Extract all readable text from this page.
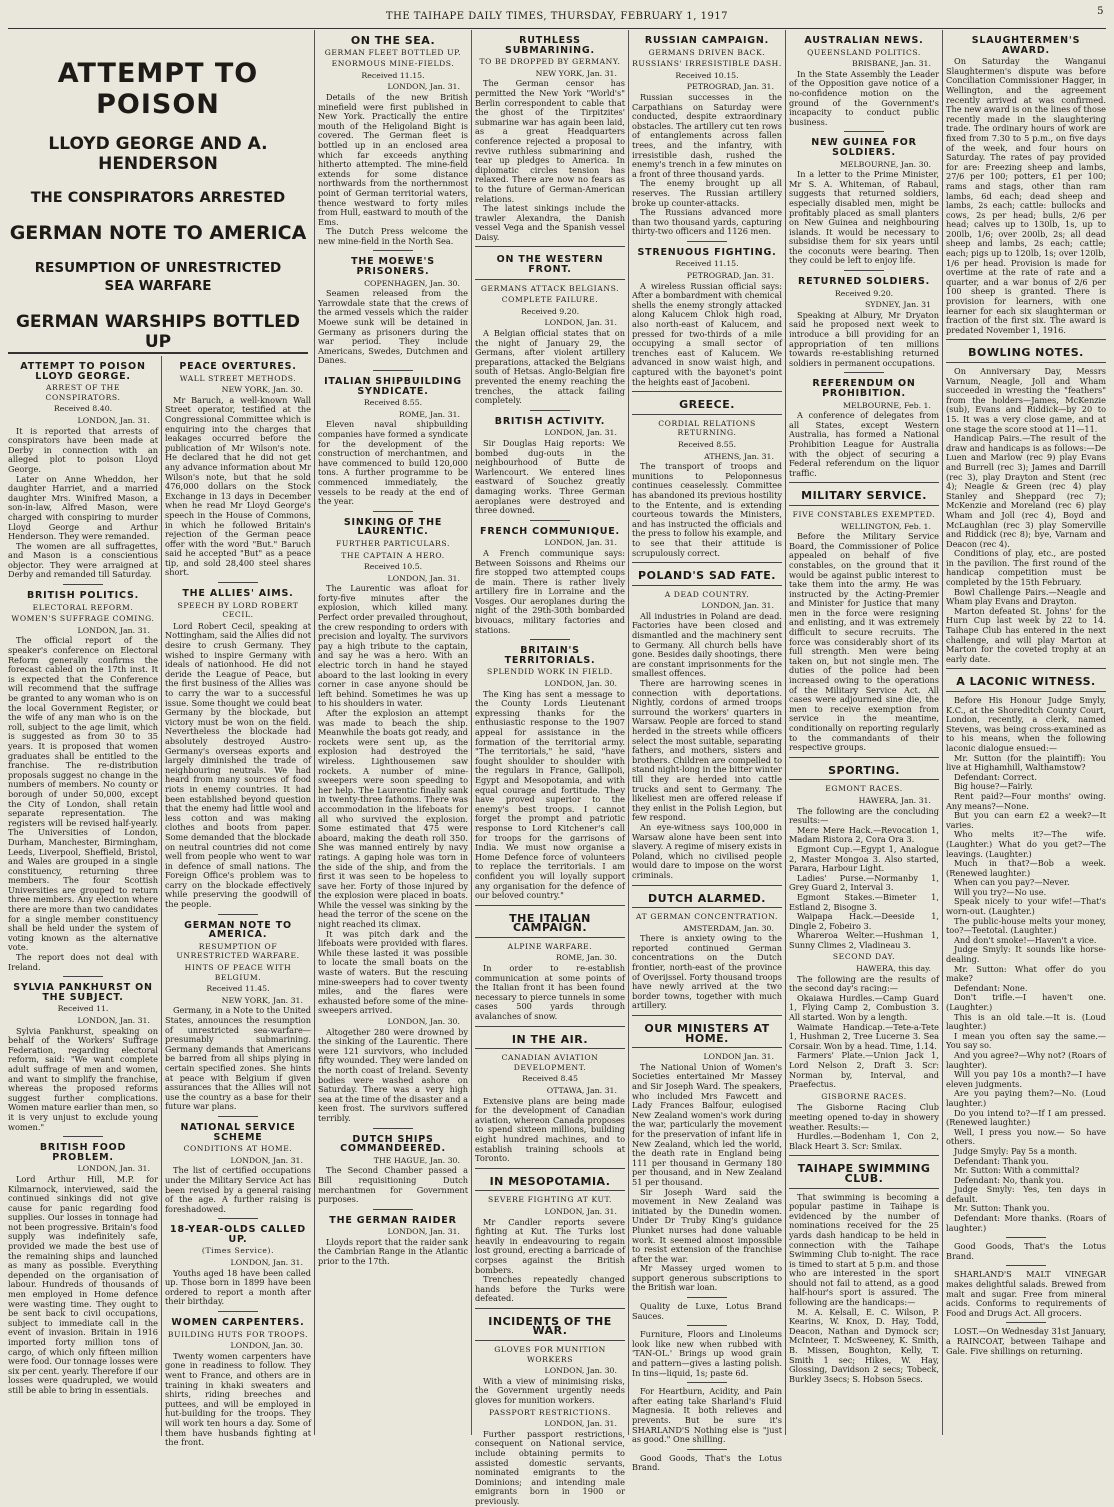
THE TAIHAPE DAILY TIMES, THURSDAY, FEBRUARY 1, 1917	5
ATTEMPT TO POISON
LLOYD GEORGE AND A. HENDERSON
THE CONSPIRATORS ARRESTED
GERMAN NOTE TO AMERICA
RESUMPTION OF UNRESTRICTED
SEA WARFARE
GERMAN WARSHIPS BOTTLED UP
ATTEMPT TO POISON LLOYD GEORGE.
ARREST OF THE CONSPIRATORS.
Received 8.40.
LONDON, Jan. 31.

It is reported that arrests of conspirators have been made at Derby in connection with an alleged plot to poison Lloyd George.

Later on Anne Wheddon, her daughter Harriet, and a married daughter Mrs. Winifred Mason, a son-in-law, Alfred Mason, were charged with conspiring to murder Lloyd George and Arthur Henderson. They were remanded.

The women are all suffragettes, and Mason is a conscientious objector. They were arraigned at Derby and remanded till Saturday.

BRITISH POLITICS.
ELECTORAL REFORM.
WOMEN'S SUFFRAGE COMING.
LONDON, Jan. 31.

The official report of the speaker's conference on Electoral Reform generally confirms the forecast cabled on the 17th inst. It is expected that the Conference will recommend that the suffrage be granted to any woman who is on the local Government Register, or the wife of any man who is on the roll, subject to the age limit, which is suggested as from 30 to 35 years. It is proposed that women graduates shall be entitled to the franchise. The re-distribution proposals suggest no change in the numbers of members. No county or borough of under 50,000, except the City of London, shall retain separate representation. The registers will be revised half-yearly. The Universities of London, Durham, Manchester, Birmingham, Leeds, Liverpool, Sheffield, Bristol, and Wales are grouped in a single constituency, returning three members. The four Scottish Universities are grouped to return three members. Any election where there are more than two candidates for a single member constituency shall be held under the system of voting known as the alternative vote.

The report does not deal with Ireland.

SYLVIA PANKHURST ON THE SUBJECT.
Received 11.
LONDON, Jan. 31.

Sylvia Pankhurst, speaking on behalf of the Workers' Suffrage Federation, regarding electoral reform, said: "We want complete adult suffrage of men and women, and want to simplify the franchise, whereas the proposed reforms suggest further complications. Women mature earlier than men, so it is very unjust to exclude young women."

BRITISH FOOD PROBLEM.
LONDON, Jan. 31.

Lord Arthur Hill, M.P. for Kilmarnock, interviewed, said the continued sinkings did not give cause for panic regarding food supplies. Our losses in tonnage had not been progressive. Britain's food supply was indefinitely safe, provided we made the best use of the remaining ships and launched as many as possible. Everything depended on the organisation of labour. Hundreds of thousands of men employed in Home defence were wasting time. They ought to be sent back to civil occupations, subject to immediate call in the event of invasion. Britain in 1916 imported forty million tons of cargo, of which only fifteen million were food. Our tonnage losses were six per cent. yearly. Therefore if our losses were quadrupled, we would still be able to bring in essentials.

PEACE OVERTURES.
WALL STREET METHODS.
NEW YORK, Jan. 30.

Mr Baruch, a well-known Wall Street operator, testified at the Congressional Committee which is enquiring into the charges that leakages occurred before the publication of Mr Wilson's note. He declared that he did not get any advance information about Mr Wilson's note, but that he sold 476,000 dollars on the Stock Exchange in 13 days in December when he read Mr Lloyd George's speech in the House of Commons, in which he followed Britain's rejection of the German peace offer with the word "But." Baruch said he accepted "But" as a peace tip, and sold 28,400 steel shares short.

THE ALLIES' AIMS.
SPEECH BY LORD ROBERT CECIL.

Lord Robert Cecil, speaking at Nottingham, said the Allies did not desire to crush Germany. They wished to inspire Germany with ideals of nationhood. He did not deride the League of Peace, but the first business of the Allies was to carry the war to a successful issue. Some thought we could beat Germany by the blockade, but victory must be won on the field. Nevertheless the blockade had absolutely destroyed Austro-Germany's overseas exports and largely diminished the trade of neighbouring neutrals. We had heard from many sources of food riots in enemy countries. It had been established beyond question that the enemy had little wool and less cotton and was making clothes and boots from paper. Some demanded that the blockade on neutral countries did not come well from people who went to war in defence of small nations. The Foreign Office's problem was to carry on the blockade effectively while preserving the goodwill of the people.

GERMAN NOTE TO AMERICA.
RESUMPTION OF UNRESTRICTED WARFARE.
HINTS OF PEACE WITH BELGIUM.
Received 11.45.
NEW YORK, Jan. 31.

Germany, in a Note to the United States, announces the resumption of unrestricted sea-warfare—presumably submarining. Germany demands that Americans be barred from all ships plying in certain specified zones. She hints at peace with Belgium if given assurances that the Allies will not use the country as a base for their future war plans.

NATIONAL SERVICE SCHEME
CONDITIONS AT HOME.
LONDON, Jan. 31.

The list of certified occupations under the Military Service Act has been revised by a general raising of the age. A further raising is foreshadowed.

18-YEAR-OLDS CALLED UP.
(Times Service).
LONDON, Jan. 31.

Youths aged 18 have been called up. Those born in 1899 have been ordered to report a month after their birthday.

WOMEN CARPENTERS.
BUILDING HUTS FOR TROOPS.
LONDON, Jan. 30.

Twenty women carpenters have gone in readiness to follow. They went to France, and others are in training in khaki sweaters and shirts, riding breeches and puttees, and will be employed in hut-building for the troops. They will work ten hours a day. Some of them have husbands fighting at the front.

ON THE SEA.
GERMAN FLEET BOTTLED UP.
ENORMOUS MINE-FIELDS.
Received 11.15.
LONDON, Jan. 31.

Details of the new British minefield were first published in New York. Practically the entire mouth of the Heligoland Bight is covered. The German fleet is bottled up in an enclosed area which far exceeds anything hitherto attempted. The mine-field extends for some distance northwards from the northernmost point of German territorial waters, thence westward to forty miles from Hull, eastward to mouth of the Ems.

The Dutch Press welcome the new mine-field in the North Sea.

THE MOEWE'S PRISONERS.
COPENHAGEN, Jan. 30.

Seamen released from the Yarrowdale state that the crews of the armed vessels which the raider Moewe sunk will be detained in Germany as prisoners during the war period. They include Americans, Swedes, Dutchmen and Danes.

ITALIAN SHIPBUILDING SYNDICATE.
Received 8.55.
ROME, Jan. 31.

Eleven naval shipbuilding companies have formed a syndicate for the development of the construction of merchantmen, and have commenced to build 120,000 tons. A further programme to be commenced immediately, the vessels to be ready at the end of the year.

SINKING OF THE LAURENTIC.
FURTHER PARTICULARS.
THE CAPTAIN A HERO.
Received 10.5.
LONDON, Jan. 31.

The Laurentic was afloat for forty-five minutes after the explosion, which killed many. Perfect order prevailed throughout, the crew responding to orders with precision and loyalty. The survivors pay a high tribute to the captain, and say he was a hero. With an electric torch in hand he stayed aboard to the last looking in every corner in case anyone should be left behind. Sometimes he was up to his shoulders in water.

After the explosion an attempt was made to beach the ship. Meanwhile the boats got ready, and rockets were sent up, as the explosion had destroyed the wireless. Lighthousemen saw rockets. A number of mine-sweepers were soon speeding to her help. The Laurentic finally sank in twenty-three fathoms. There was accommodation in the lifeboats for all who survived the explosion. Some estimated that 475 were aboard, making the death roll 350. She was manned entirely by navy ratings. A gaping hole was torn in the side of the ship, and from the first it was seen to be hopeless to save her. Forty of those injured by the explosion were placed in boats. While the vessel was sinking by the head the terror of the scene on the night reached its climax.

It was pitch dark and the lifeboats were provided with flares. While these lasted it was possible to locate the small boats on the waste of waters. But the rescuing mine-sweepers had to cover twenty miles, and the flares were exhausted before some of the mine-sweepers arrived.

LONDON, Jan. 30.

Altogether 280 were drowned by the sinking of the Laurentic. There were 121 survivors, who included fifty wounded. They were landed on the north coast of Ireland. Seventy bodies were washed ashore on Saturday. There was a very high sea at the time of the disaster and a keen frost. The survivors suffered terribly.

DUTCH SHIPS COMMANDEERED.
THE HAGUE, Jan. 30.

The Second Chamber passed a Bill requisitioning Dutch merchantmen for Government purposes.

THE GERMAN RAIDER
LONDON, Jan. 31.

Lloyds report that the raider sank the Cambrian Range in the Atlantic prior to the 17th.

RUTHLESS SUBMARINING.
TO BE DROPPED BY GERMANY.
NEW YORK, Jan. 31.

The German censor has permitted the New York "World's" Berlin correspondent to cable that the ghost of the Tirpitzites' submarine war has again been laid, as a great Headquarters conference rejected a proposal to revive ruthless submarining and tear up pledges to America. In diplomatic circles tension has relaxed. There are now no fears as to the future of German-American relations.

The latest sinkings include the trawler Alexandra, the Danish vessel Vega and the Spanish vessel Daisy.

ON THE WESTERN FRONT.
GERMANS ATTACK BELGIANS.
COMPLETE FAILURE.
Received 9.20.
LONDON, Jan. 31.

A Belgian official states that on the night of January 29, the Germans, after violent artillery preparations, attacked the Belgians south of Hetsas. Anglo-Belgian fire prevented the enemy reaching the trenches, the attack failing completely.

BRITISH ACTIVITY.
LONDON, Jan. 31.

Sir Douglas Haig reports: We bombed dug-outs in the neighbourhood of Butte de Warlencourt. We entered lines eastward of Souchez greatly damaging works. Three German aeroplanes were destroyed and three downed.

FRENCH COMMUNIQUE.
LONDON, Jan. 31.

A French communique says: Between Soissons and Rheims our fire stopped two attempted coups de main. There is rather lively artillery fire in Lorraine and the Vosges. Our aeroplanes during the night of the 29th-30th bombarded bivouacs, military factories and stations.

BRITAIN'S TERRITORIALS.
SPLENDID WORK IN FIELD.
LONDON, Jan. 30.

The King has sent a message to the County Lords Lieutenant expressing thanks for the enthusiastic response to the 1907 appeal for assistance in the formation of the territorial army. "The territorials," he said, "have fought shoulder to shoulder with the regulars in France, Gallipoli, Egypt and Mesopotamia, and with equal courage and fortitude. They have proved superior to the enemy's best troops. I cannot forget the prompt and patriotic response to Lord Kitchener's call for troops for the garrisons of India. We must now organise a Home Defence force of volunteers to replace the territorials. I am confident you will loyally support any organisation for the defence of our beloved country."

THE ITALIAN CAMPAIGN.
ALPINE WARFARE.
ROME, Jan. 30.

In order to re-establish communication at some points of the Italian front it has been found necessary to pierce tunnels in some cases 500 yards through avalanches of snow.

IN THE AIR.
CANADIAN AVIATION DEVELOPMENT.
Received 8.45
OTTAWA, Jan. 31.

Extensive plans are being made for the development of Canadian aviation, whereon Canada proposes to spend sixteen millions, building eight hundred machines, and to establish training schools at Toronto.

IN MESOPOTAMIA.
SEVERE FIGHTING AT KUT.
LONDON, Jan. 31.

Mr Candler reports severe fighting at Kut. The Turks lost heavily in endeavouring to regain lost ground, erecting a barricade of corpses against the British bombers.

Trenches repeatedly changed hands before the Turks were defeated.

INCIDENTS OF THE WAR.
GLOVES FOR MUNITION WORKERS
LONDON, Jan. 30.

With a view of minimising risks, the Government urgently needs gloves for munition workers.

PASSPORT RESTRICTIONS.
LONDON, Jan. 31.

Further passport restrictions, consequent on National service, include obtaining permits to assisted domestic servants, nominated emigrants to the Dominions; and intending male emigrants born in 1900 or previously.

RUSSIAN CAMPAIGN.
GERMANS DRIVEN BACK.
RUSSIANS' IRRESISTIBLE DASH.
Received 10.15.
PETROGRAD, Jan. 31.

Russian successes in the Carpathians on Saturday were conducted, despite extraordinary obstacles. The artillery cut ten rows of entanglements across fallen trees, and the infantry, with irresistible dash, rushed the enemy's trench in a few minutes on a front of three thousand yards.

The enemy brought up all reserves. The Russian artillery broke up counter-attacks.

The Russians advanced more than two thousand yards, capturing thirty-two officers and 1126 men.

STRENUOUS FIGHTING.
Received 11.15.
PETROGRAD, Jan. 31.

A wireless Russian official says: After a bombardment with chemical shells the enemy strongly attacked along Kalucem Chlok high road, also north-east of Kalucem, and pressed for two-thirds of a mile occupying a small sector of trenches east of Kalucem. We advanced in snow waist high, and captured with the bayonet's point the heights east of Jacobeni.

GREECE.
CORDIAL RELATIONS RETURNING.
Received 8.55.
ATHENS, Jan. 31.

The transport of troops and munitions to Peloponnesus continues ceaselessly. Committee has abandoned its previous hostility to the Entente, and is extending courteous towards the Ministers, and has instructed the officials and the press to follow his example, and to see that their attitude is scrupulously correct.

POLAND'S SAD FATE.
A DEAD COUNTRY.
LONDON, Jan. 31.

All industries in Poland are dead. Factories have been closed and dismantled and the machinery sent to Germany. All church bells have gone. Besides daily shootings, there are constant imprisonments for the smallest offences.

There are harrowing scenes in connection with deportations. Nightly, cordons of armed troops surround the workers' quarters in Warsaw. People are forced to stand herded in the streets while officers select the most suitable, separating fathers, and mothers, sisters and brothers. Children are compelled to stand night-long in the bitter winter till they are herded into cattle trucks and sent to Germany. The likeliest men are offered release if they enlist in the Polish Legion, but few respond.

An eye-witness says 100,000 in Warsaw alone have been sent into slavery. A regime of misery exists in Poland, which no civilised people would dare to impose on the worst criminals.

DUTCH ALARMED.
AT GERMAN CONCENTRATION.
AMSTERDAM, Jan. 30.

There is anxiety owing to the reported continued German concentrations on the Dutch frontier, north-east of the province of Overijssel. Forty thousand troops have newly arrived at the two border towns, together with much artillery.

OUR MINISTERS AT HOME.
LONDON Jan. 31.

The National Union of Women's Societies entertained Mr Massey and Sir Joseph Ward. The speakers, who included Mrs Fawcett and Lady Frances Balfour, eulogised New Zealand women's work during the war, particularly the movement for the preservation of infant life in New Zealand, which led the world, the death rate in England being 111 per thousand in Germany 180 per thousand, and in New Zealand 51 per thousand.

Sir Joseph Ward said the movement in New Zealand was initiated by the Dunedin women. Under Dr Truby King's guidance Plunket nurses had done valuable work. It seemed almost impossible to resist extension of the franchise after the war.

Mr Massey urged women to support generous subscriptions to the British war loan.

Quality de Luxe, Lotus Brand Sauces.

Furniture, Floors and Linoleums look like new when rubbed with 'TAN-OL.' Brings up wood grain and pattern—gives a lasting polish. In tins—liquid, 1s; paste 6d.

For Heartburn, Acidity, and Pain after eating take Sharland's Fluid Magnesia. It both relieves and prevents. But be sure it's SHARLAND'S Nothing else is "just as good." One shilling.

Good Goods, That's the Lotus Brand.

AUSTRALIAN NEWS.
QUEENSLAND POLITICS.
BRISBANE, Jan. 31.

In the State Assembly the Leader of the Opposition gave notice of a no-confidence motion on the ground of the Government's incapacity to conduct public business.

NEW GUINEA FOR SOLDIERS.
MELBOURNE, Jan. 30.

In a letter to the Prime Minister, Mr S. A. Whiteman, of Rabaul, suggests that returned soldiers, especially disabled men, might be profitably placed as small planters on New Guinea and neighbouring islands. It would be necessary to subsidise them for six years until the coconuts were bearing. Then they could be left to enjoy life.

RETURNED SOLDIERS.
Received 9.20.
SYDNEY, Jan. 31

Speaking at Albury, Mr Dryaton said he proposed next week to introduce a bill providing for an appropriation of ten millions towards re-establishing returned soldiers in permanent occupations.

REFERENDUM ON PROHIBITION.
MELBOURNE, Feb. 1.

A conference of delegates from all States, except Western Australia, has formed a National Prohibition League for Australia with the object of securing a Federal referendum on the liquor traffic.

MILITARY SERVICE.
FIVE CONSTABLES EXEMPTED.
WELLINGTON, Feb. 1.

Before the Military Service Board, the Commissioner of Police appealed on behalf of five constables, on the ground that it would be against public interest to take them into the army. He was instructed by the Acting-Premier and Minister for Justice that many men in the force were resigning and enlisting, and it was extremely difficult to secure recruits. The force was considerably short of its full strength. Men were being taken on, but not single men. The duties of the police had been increased owing to the operations of the Military Service Act. All cases were adjourned sine die, the men to receive exemption from service in the meantime, conditionally on reporting regularly to the commandants of their respective groups.

SPORTING.
EGMONT RACES.
HAWERA, Jan. 31.

The following are the concluding results:—

Mere Mere Hack.—Revocation 1, Madam Ristora 2, Cora Ora 3.

Egmont Cup.—Egypt 1, Analogue 2, Master Mongoa 3. Also started, Parara, Harbour Light.

Ladies' Purse.—Normanby 1, Grey Guard 2, Interval 3.

Egmont Stakes.—Bimeter 1, Estland 2, Bisogne 3.

Waipapa Hack.—Deeside 1, Dingle 2, Fobeiro 3.

Whareroa Welter.—Hushman 1, Sunny Climes 2, Vladineau 3.

SECOND DAY.
HAWERA, this day.

The following are the results of the second day's racing:—

Okaiawa Hurdles.—Camp Guard 1, Flying Camp 2, Combustion 3. All started. Won by a length.

Waimate Handicap.—Tete-a-Tete 1, Hushman 2, Tree Lucerne 3. Sea Corsair. Won by a head. Time, 1.14.

Farmers' Plate.—Union Jack 1, Lord Nelson 2, Draft 3. Scr: Norman by, Interval, and Praefectus.

GISBORNE RACES.

The Gisborne Racing Club meeting opened to-day in showery weather. Results:—

Hurdles.—Bodenham 1, Con 2, Black Heart 3. Scr: Smilax.

TAIHAPE SWIMMING CLUB.

That swimming is becoming a popular pastime in Taihape is evidenced by the number of nominations received for the 25 yards dash handicap to be held in connection with the Taihape Swimming Club to-night. The race is timed to start at 5 p.m. and those who are interested in the sport should not fail to attend, as a good half-hour's sport is assured. The following are the handicaps:—

M. A. Kelsall, E. C. Wilson, P. Kearins, W. Knox, D. Hay, Todd, Deacon, Nathan and Dymock scr; McInteer, T. McSweeney, K. Smith, B. Missen, Boughton, Kelly, T. Smith 1 sec; Hikes, W. Hay, Glossing, Davidson 2 secs; Tobeck, Burkley 3secs; S. Hobson 5secs.

SLAUGHTERMEN'S AWARD.

On Saturday the Wanganui Slaughtermen's dispute was before Conciliation Commissioner Hagger, in Wellington, and the agreement recently arrived at was confirmed. The new award is on the lines of those recently made in the slaughtering trade. The ordinary hours of work are fixed from 7.30 to 5 p.m., on five days of the week, and four hours on Saturday. The rates of pay provided for are: Freezing sheep and lambs, 27/6 per 100; potters, £1 per 100; rams and stags, other than ram lambs, 6d each; dead sheep and lambs, 2s each; cattle: bullocks and cows, 2s per head; bulls, 2/6 per head; calves up to 130lb, 1s, up to 200lb, 1/6; over 200lb, 2s; all dead sheep and lambs, 2s each; cattle; each; pigs up to 120lb, 1s; over 120lb, 1/6 per head. Provision is made for overtime at the rate of rate and a quarter, and a war bonus of 2/6 per 100 sheep is granted. There is provision for learners, with one learner for each six slaughterman or fraction of the first six. The award is predated November 1, 1916.

BOWLING NOTES.

On Anniversary Day, Messrs Varnum, Neagle, Joll and Wham succeeded in wresting the "feathers" from the holders—James, McKenzie (sub), Evans and Riddick—by 20 to 15. It was a very close game, and at one stage the score stood at 11—11.

Handicap Pairs.—The result of the draw and handicaps is as follows:—De Luen and Marlow (rec 9) play Evans and Burrell (rec 3); James and Darrill (rec 3), play Drayton and Stent (rec 4); Neagle & Green (rec 4) play Stanley and Sheppard (rec 7); McKenzie and Moreland (rec 6) play Wham and Joll (rec 4), Boyd and McLaughlan (rec 3) play Somerville and Riddick (rec 8); bye, Varnam and Deacon (rec 4).

Conditions of play, etc., are posted in the pavilion. The first round of the handicap competition must be completed by the 15th February.

Bowl Challenge Pairs.—Neagle and Wham play Evans and Drayton.

Marton defeated St. Johns' for the Hurn Cup last week by 22 to 14. Taihape Club has entered in the next challenge, and will play Marton at Marton for the coveted trophy at an early date.

A LACONIC WITNESS.

Before His Honour Judge Smyly, K.C., at the Shoreditch County Court, London, recently, a clerk, named Stevens, was being cross-examined as to his means, when the following laconic dialogue ensued:—

Mr. Sutton (for the plaintiff): You live at Highamhill, Walthamstow?

Defendant: Correct.

Big house?—Fairly.

Rent paid?—Four months' owing. Any means?—None.

But you can earn £2 a week?—It varies.

Who melts it?—The wife. (Laughter.) What do you get?—The leavings. (Laughter.)

Much in that?—Bob a week. (Renewed laughter.)

When can you pay?—Never.

Will you try?—No use.

Speak nicely to your wife!—That's worn-out. (Laughter.)

The public-house melts your money, too?—Teetotal. (Laughter.)

And don't smoke!—Haven't a vice.

Judge Smyly: It sounds like horse-dealing.

Mr. Sutton: What offer do you make?

Defendant: None.

Don't trifle.—I haven't one. (Laughter.)

This is an old tale.—It is. (Loud laughter.)

I mean you often say the same.—You say so.

And you agree?—Why not? (Roars of laughter).

Will you pay 10s a month?—I have eleven judgments.

Are you paying them?—No. (Loud laughter.)

Do you intend to?—If I am pressed. (Renewed laughter.)

Well, I press you now.— So have others.

Judge Smyly: Pay 5s a month.

Defendant: Thank you.

Mr. Sutton: With a committal?

Defendant: No, thank you.

Judge Smyly: Yes, ten days in default.

Mr. Sutton: Thank you.

Defendant: More thanks. (Roars of laughter.)

Good Goods, That's the Lotus Brand.

SHARLAND'S MALT VINEGAR makes delightful salads. Brewed from malt and sugar. Free from mineral acids. Conforms to requirements of Food and Drugs Act. All grocers.

LOST.—On Wednesday 31st January, a RAINCOAT, between Taihape and Gale. Five shillings on returning.
